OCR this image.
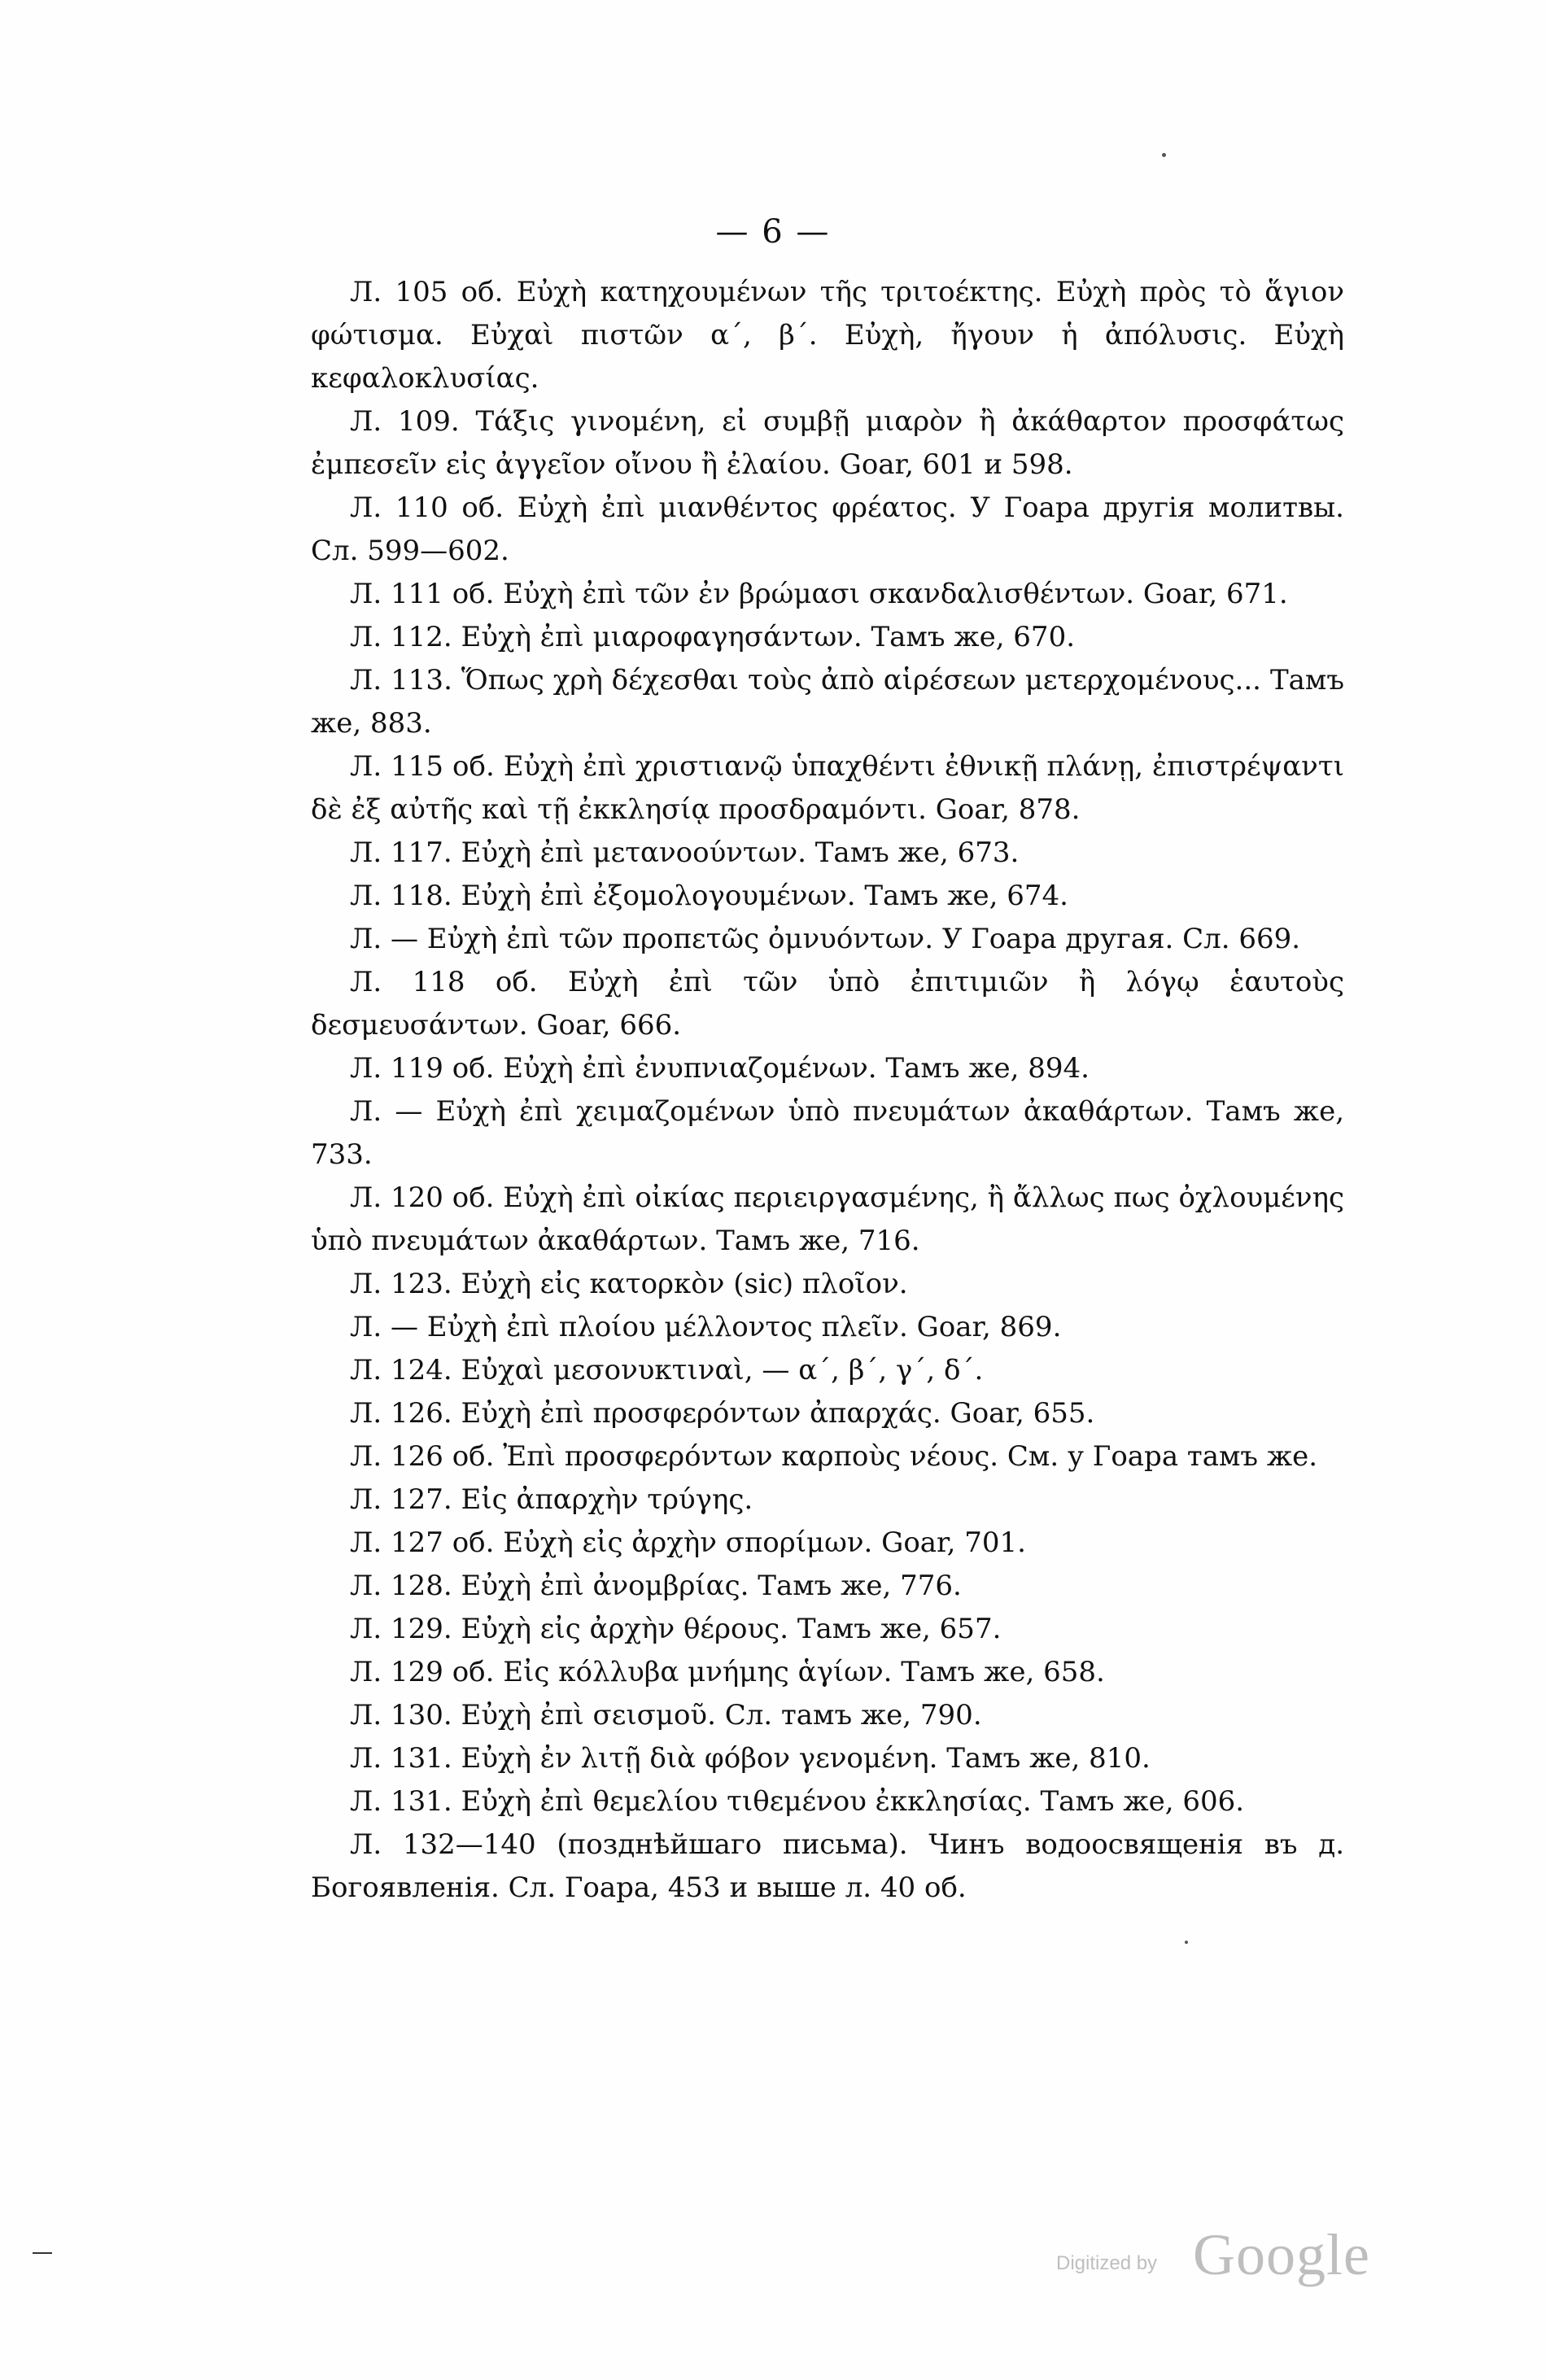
— 6 —

Л. 105 об. Εὐχὴ κατηχουμένων τῆς τριτοέκτης. Εὐχὴ πρὸς τὸ ἅγιον φώτισμα. Εὐχαὶ πιστῶν α΄, β΄. Εὐχὴ, ἤγουν ἡ ἀπόλυσις. Εὐχὴ κεφαλοκλυσίας.

Л. 109. Τάξις γινομένη, εἰ συμβῇ μιαρὸν ἢ ἀκάθαρτον προσφάτως ἐμπεσεῖν εἰς ἀγγεῖον οἴνου ἢ ἐλαίου. Goar, 601 и 598.

Л. 110 об. Εὐχὴ ἐπὶ μιανθέντος φρέατος. У Гоара другія молитвы. Сл. 599—602.

Л. 111 об. Εὐχὴ ἐπὶ τῶν ἐν βρώμασι σκανδαλισθέντων. Goar, 671.

Л. 112. Εὐχὴ ἐπὶ μιαροφαγησάντων. Тамъ же, 670.

Л. 113. Ὅπως χρὴ δέχεσθαι τοὺς ἀπὸ αἱρέσεων μετερχομένους... Тамъ же, 883.

Л. 115 об. Εὐχὴ ἐπὶ χριστιανῷ ὑπαχθέντι ἐθνικῇ πλάνῃ, ἐπιστρέψαντι δὲ ἐξ αὐτῆς καὶ τῇ ἐκκλησίᾳ προσδραμόντι. Goar, 878.

Л. 117. Εὐχὴ ἐπὶ μετανοούντων. Тамъ же, 673.

Л. 118. Εὐχὴ ἐπὶ ἐξομολογουμένων. Тамъ же, 674.

Л. — Εὐχὴ ἐπὶ τῶν προπετῶς ὀμνυόντων. У Гоара другая. Сл. 669.

Л. 118 об. Εὐχὴ ἐπὶ τῶν ὑπὸ ἐπιτιμιῶν ἢ λόγῳ ἑαυτοὺς δεσμευσάντων. Goar, 666.

Л. 119 об. Εὐχὴ ἐπὶ ἐνυπνιαζομένων. Тамъ же, 894.

Л. — Εὐχὴ ἐπὶ χειμαζομένων ὑπὸ πνευμάτων ἀκαθάρτων. Тамъ же, 733.

Л. 120 об. Εὐχὴ ἐπὶ οἰκίας περιειργασμένης, ἢ ἄλλως πως ὀχλουμένης ὑπὸ πνευμάτων ἀκαθάρτων. Тамъ же, 716.

Л. 123. Εὐχὴ εἰς κατορκὸν (sic) πλοῖον.

Л. — Εὐχὴ ἐπὶ πλοίου μέλλοντος πλεῖν. Goar, 869.

Л. 124. Εὐχαὶ μεσονυκτιναὶ, — α΄, β΄, γ΄, δ΄.

Л. 126. Εὐχὴ ἐπὶ προσφερόντων ἀπαρχάς. Goar, 655.

Л. 126 об. Ἐπὶ προσφερόντων καρποὺς νέους. См. у Гоара тамъ же.

Л. 127. Εἰς ἀπαρχὴν τρύγης.

Л. 127 об. Εὐχὴ εἰς ἀρχὴν σπορίμων. Goar, 701.

Л. 128. Εὐχὴ ἐπὶ ἀνομβρίας. Тамъ же, 776.

Л. 129. Εὐχὴ εἰς ἀρχὴν θέρους. Тамъ же, 657.

Л. 129 об. Εἰς κόλλυβα μνήμης ἁγίων. Тамъ же, 658.

Л. 130. Εὐχὴ ἐπὶ σεισμοῦ. Сл. тамъ же, 790.

Л. 131. Εὐχὴ ἐν λιτῇ διὰ φόβον γενομένη. Тамъ же, 810.

Л. 131. Εὐχὴ ἐπὶ θεμελίου τιθεμένου ἐκκλησίας. Тамъ же, 606.

Л. 132—140 (позднѣйшаго письма). Чинъ водоосвященія въ д. Богоявленія. Сл. Гоара, 453 и выше л. 40 об.

Digitized by Google
